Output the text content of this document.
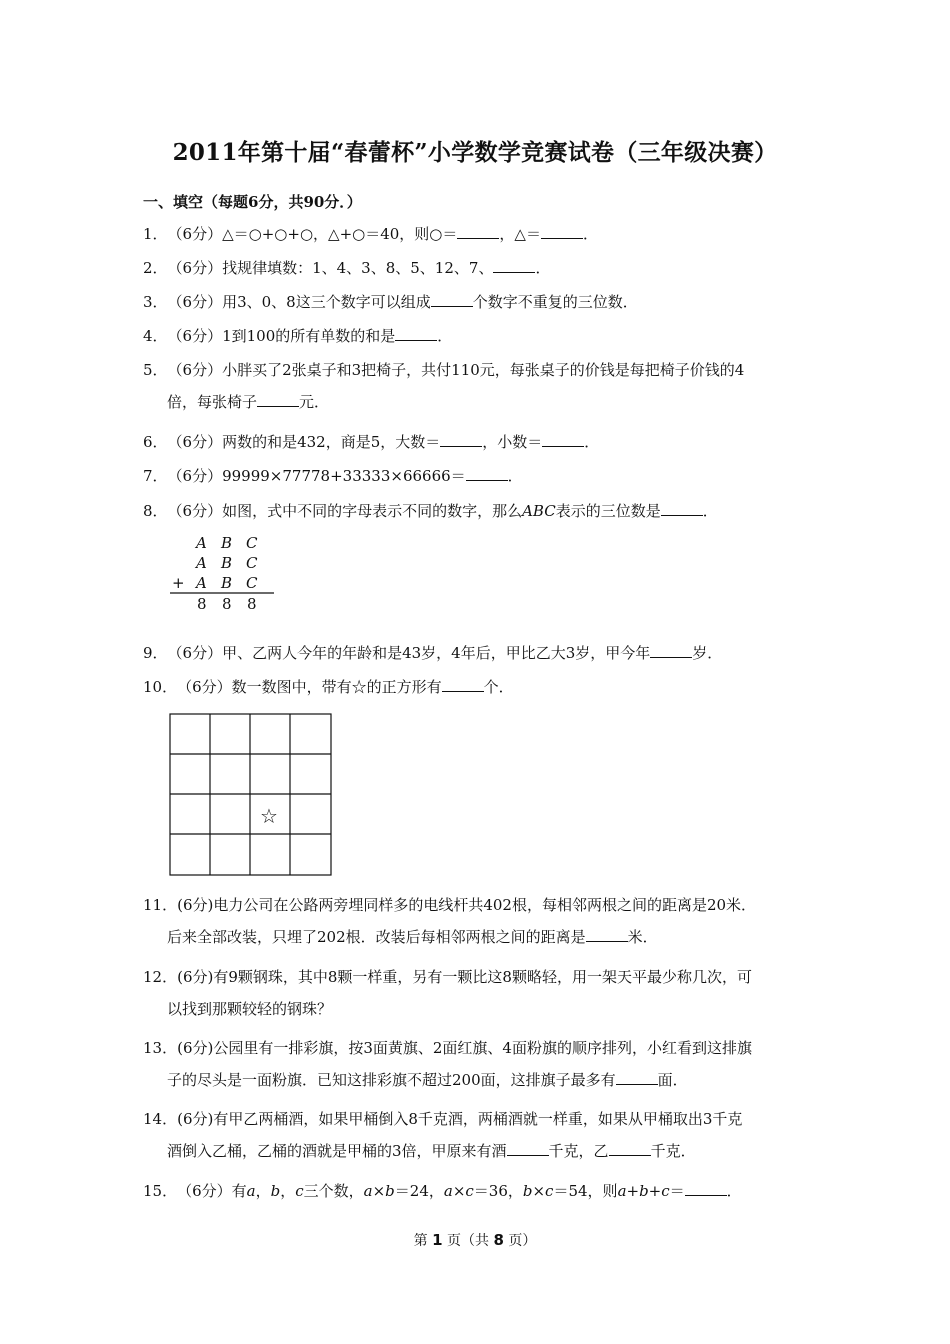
2011年第十届“春蕾杯”小学数学竞赛试卷（三年级决赛）
一、填空（每题6分，共90分．）
1．（6分）△＝○+○+○，△+○＝40，则○＝	，△＝	．
2．（6分）找规律填数：1、4、3、8、5、12、7、	．
3．（6分）用3、0、8这三个数字可以组成	个数字不重复的三位数．
4．（6分）1到100的所有单数的和是	．
5．（6分）小胖买了2张桌子和3把椅子，共付110元，每张桌子的价钱是每把椅子价钱的4
倍，每张椅子	元．
6．（6分）两数的和是432，商是5，大数＝	，小数＝	．
7．（6分）99999×77778+33333×66666＝	．
8．（6分）如图，式中不同的字母表示不同的数字，那么ABC表示的三位数是	．
A B C
A B C
A B C
+
8 8 8
9．（6分）甲、乙两人今年的年龄和是43岁，4年后，甲比乙大3岁，甲今年	岁．
10．（6分）数一数图中，带有☆的正方形有	个．
☆
11．(6分)电力公司在公路两旁埋同样多的电线杆共402根，每相邻两根之间的距离是20米．
后来全部改装，只埋了202根．改装后每相邻两根之间的距离是	米．
12．(6分)有9颗钢珠，其中8颗一样重，另有一颗比这8颗略轻，用一架天平最少称几次，可
以找到那颗较轻的钢珠？
13．(6分)公园里有一排彩旗，按3面黄旗、2面红旗、4面粉旗的顺序排列，小红看到这排旗
子的尽头是一面粉旗．已知这排彩旗不超过200面，这排旗子最多有	面．
14．(6分)有甲乙两桶酒，如果甲桶倒入8千克酒，两桶酒就一样重，如果从甲桶取出3千克
酒倒入乙桶，乙桶的酒就是甲桶的3倍，甲原来有酒	千克，乙	千克．
15．（6分）有a，b，c三个数，a×b＝24，a×c＝36，b×c＝54，则a+b+c＝	．
第 1 页（共 8 页）
